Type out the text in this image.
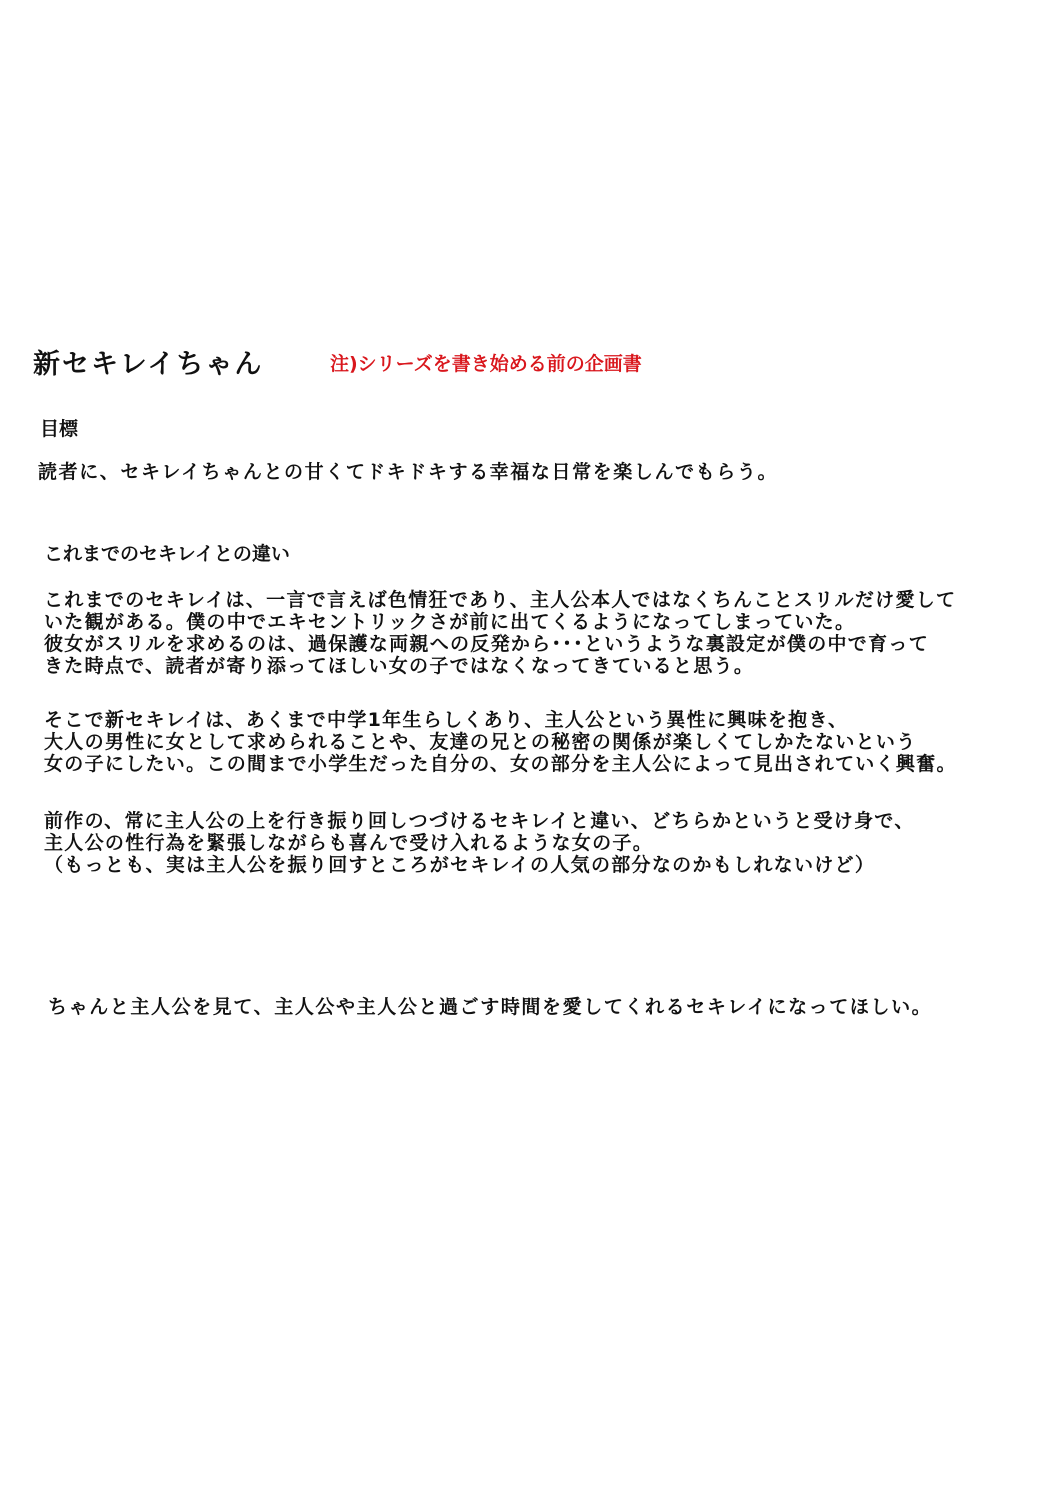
新セキレイちゃん	注)シリーズを書き始める前の企画書
目標
読者に、セキレイちゃんとの甘くてドキドキする幸福な日常を楽しんでもらう。
これまでのセキレイとの違い
これまでのセキレイは、一言で言えば色情狂であり、主人公本人ではなくちんことスリルだけ愛して
いた観がある。僕の中でエキセントリックさが前に出てくるようになってしまっていた。
彼女がスリルを求めるのは、過保護な両親への反発から･･･というような裏設定が僕の中で育って
きた時点で、読者が寄り添ってほしい女の子ではなくなってきていると思う。
そこで新セキレイは、あくまで中学1年生らしくあり、主人公という異性に興味を抱き、
大人の男性に女として求められることや、友達の兄との秘密の関係が楽しくてしかたないという
女の子にしたい。この間まで小学生だった自分の、女の部分を主人公によって見出されていく興奮。
前作の、常に主人公の上を行き振り回しつづけるセキレイと違い、どちらかというと受け身で、
主人公の性行為を緊張しながらも喜んで受け入れるような女の子。
（もっとも、実は主人公を振り回すところがセキレイの人気の部分なのかもしれないけど）
ちゃんと主人公を見て、主人公や主人公と過ごす時間を愛してくれるセキレイになってほしい。
